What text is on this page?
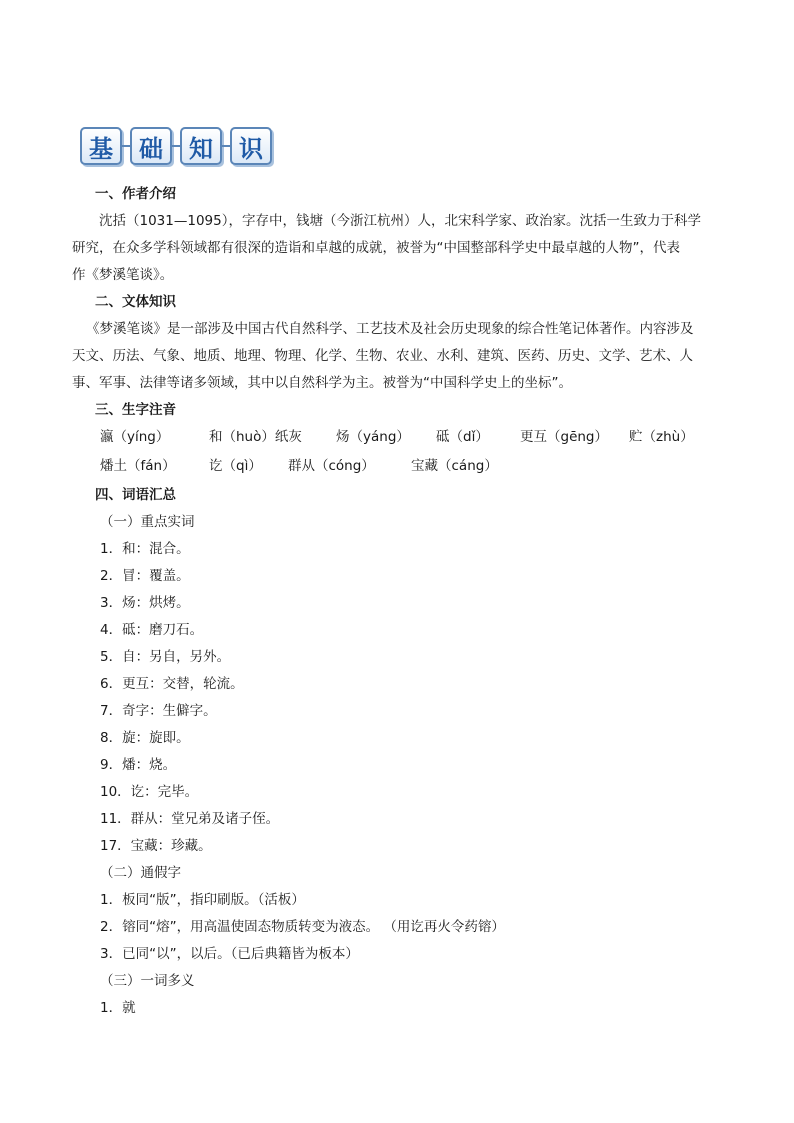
基	础	知	识
一、作者介绍
沈括（1031—1095），字存中，钱塘（今浙江杭州）人，北宋科学家、政治家。沈括一生致力于科学
研究，在众多学科领域都有很深的造诣和卓越的成就，被誉为“中国整部科学史中最卓越的人物”，代表
作《梦溪笔谈》。
二、文体知识
《梦溪笔谈》是一部涉及中国古代自然科学、工艺技术及社会历史现象的综合性笔记体著作。内容涉及
天文、历法、气象、地质、地理、物理、化学、生物、农业、水利、建筑、医药、历史、文学、艺术、人
事、军事、法律等诸多领域，其中以自然科学为主。被誉为“中国科学史上的坐标”。
三、生字注音
瀛（yíng）	和（huò）纸灰	炀（yáng） 砥（dǐ） 更互（gēng） 贮（zhù）
燔土（fán） 讫（qì） 群从（cóng）	宝藏（cáng）
四、词语汇总
（一）重点实词
1．和：混合。
2．冒：覆盖。
3．炀：烘烤。
4．砥：磨刀石。
5．自：另自，另外。
6．更互：交替，轮流。
7．奇字：生僻字。
8．旋：旋即。
9．燔：烧。
10．讫：完毕。
11．群从：堂兄弟及诸子侄。
17．宝藏：珍藏。
（二）通假字
1．板同“版”，指印刷版。（活板）
2．镕同“熔”，用高温使固态物质转变为液态。 （用讫再火令药镕）
3．已同“以”，以后。（已后典籍皆为板本）
（三）一词多义
1．就
